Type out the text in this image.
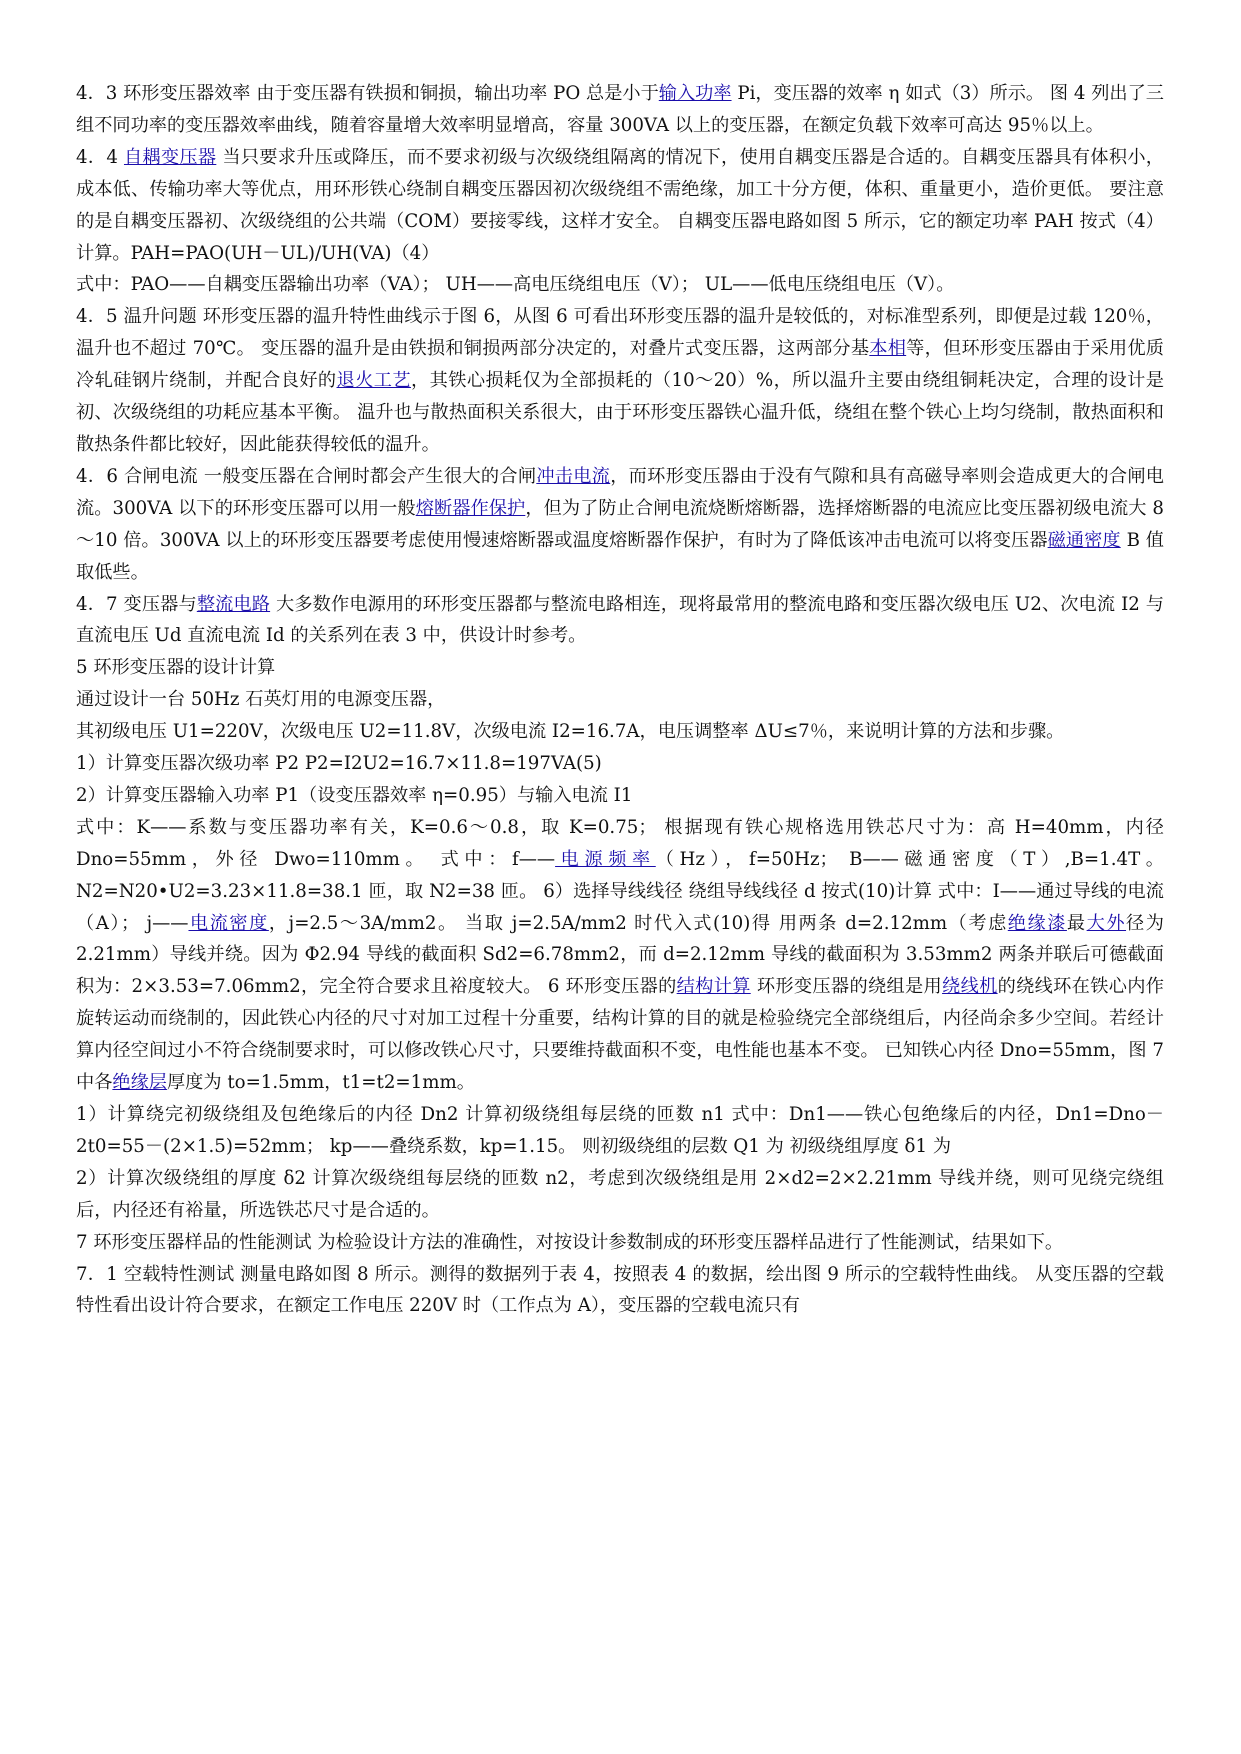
4．3 环形变压器效率 由于变压器有铁损和铜损，输出功率 PO 总是小于输入功率 Pi，变压器的效率 η 如式（3）所示。 图 4 列出了三组不同功率的变压器效率曲线，随着容量增大效率明显增高，容量 300VA 以上的变压器，在额定负载下效率可高达 95％以上。

4．4 自耦变压器 当只要求升压或降压，而不要求初级与次级绕组隔离的情况下，使用自耦变压器是合适的。自耦变压器具有体积小，成本低、传输功率大等优点，用环形铁心绕制自耦变压器因初次级绕组不需绝缘，加工十分方便，体积、重量更小，造价更低。 要注意的是自耦变压器初、次级绕组的公共端（COM）要接零线，这样才安全。 自耦变压器电路如图 5 所示，它的额定功率 PAH 按式（4）计算。PAH=PAO(UH－UL)/UH(VA)（4）

式中：PAO——自耦变压器输出功率（VA）； UH——高电压绕组电压（V）； UL——低电压绕组电压（V）。

4．5 温升问题 环形变压器的温升特性曲线示于图 6，从图 6 可看出环形变压器的温升是较低的，对标准型系列，即便是过载 120％，温升也不超过 70℃。 变压器的温升是由铁损和铜损两部分决定的，对叠片式变压器，这两部分基本相等，但环形变压器由于采用优质冷轧硅钢片绕制，并配合良好的退火工艺，其铁心损耗仅为全部损耗的（10～20）%，所以温升主要由绕组铜耗决定，合理的设计是初、次级绕组的功耗应基本平衡。 温升也与散热面积关系很大，由于环形变压器铁心温升低，绕组在整个铁心上均匀绕制，散热面积和散热条件都比较好，因此能获得较低的温升。

4．6 合闸电流 一般变压器在合闸时都会产生很大的合闸冲击电流，而环形变压器由于没有气隙和具有高磁导率则会造成更大的合闸电流。300VA 以下的环形变压器可以用一般熔断器作保护，但为了防止合闸电流烧断熔断器，选择熔断器的电流应比变压器初级电流大 8～10 倍。300VA 以上的环形变压器要考虑使用慢速熔断器或温度熔断器作保护，有时为了降低该冲击电流可以将变压器磁通密度 B 值取低些。

4．7 变压器与整流电路 大多数作电源用的环形变压器都与整流电路相连，现将最常用的整流电路和变压器次级电压 U2、次电流 I2 与直流电压 Ud 直流电流 Id 的关系列在表 3 中，供设计时参考。

5 环形变压器的设计计算

通过设计一台 50Hz 石英灯用的电源变压器，

其初级电压 U1=220V，次级电压 U2=11.8V，次级电流 I2=16.7A，电压调整率 ΔU≤7％，来说明计算的方法和步骤。

1）计算变压器次级功率 P2 P2=I2U2=16.7×11.8=197VA(5)

2）计算变压器输入功率 P1（设变压器效率 η=0.95）与输入电流 I1

式中：K——系数与变压器功率有关，K=0.6～0.8，取 K=0.75； 根据现有铁心规格选用铁芯尺寸为：高 H=40mm，内径 Dno=55mm，外径 Dwo=110mm。 式中：f——电源频率（Hz），f=50Hz； B——磁通密度（T）,B=1.4T。 N2=N20•U2=3.23×11.8=38.1 匝，取 N2=38 匝。 6）选择导线线径 绕组导线线径 d 按式(10)计算 式中：I——通过导线的电流（A）； j——电流密度，j=2.5～3A/mm2。 当取 j=2.5A/mm2 时代入式(10)得 用两条 d=2.12mm（考虑绝缘漆最大外径为 2.21mm）导线并绕。因为 Φ2.94 导线的截面积 Sd2=6.78mm2，而 d=2.12mm 导线的截面积为 3.53mm2 两条并联后可德截面积为：2×3.53=7.06mm2，完全符合要求且裕度较大。 6 环形变压器的结构计算 环形变压器的绕组是用绕线机的绕线环在铁心内作旋转运动而绕制的，因此铁心内径的尺寸对加工过程十分重要，结构计算的目的就是检验绕完全部绕组后，内径尚余多少空间。若经计算内径空间过小不符合绕制要求时，可以修改铁心尺寸，只要维持截面积不变，电性能也基本不变。 已知铁心内径 Dno=55mm，图 7 中各绝缘层厚度为 to=1.5mm，t1=t2=1mm。

1）计算绕完初级绕组及包绝缘后的内径 Dn2 计算初级绕组每层绕的匝数 n1 式中：Dn1——铁心包绝缘后的内径，Dn1=Dno－2t0=55－(2×1.5)=52mm； kp——叠绕系数，kp=1.15。 则初级绕组的层数 Q1 为 初级绕组厚度 δ1 为

2）计算次级绕组的厚度 δ2 计算次级绕组每层绕的匝数 n2，考虑到次级绕组是用 2×d2=2×2.21mm 导线并绕，则可见绕完绕组后，内径还有裕量，所选铁芯尺寸是合适的。

7 环形变压器样品的性能测试 为检验设计方法的准确性，对按设计参数制成的环形变压器样品进行了性能测试，结果如下。

7．1 空载特性测试 测量电路如图 8 所示。测得的数据列于表 4，按照表 4 的数据，绘出图 9 所示的空载特性曲线。 从变压器的空载特性看出设计符合要求，在额定工作电压 220V 时（工作点为 A），变压器的空载电流只有
